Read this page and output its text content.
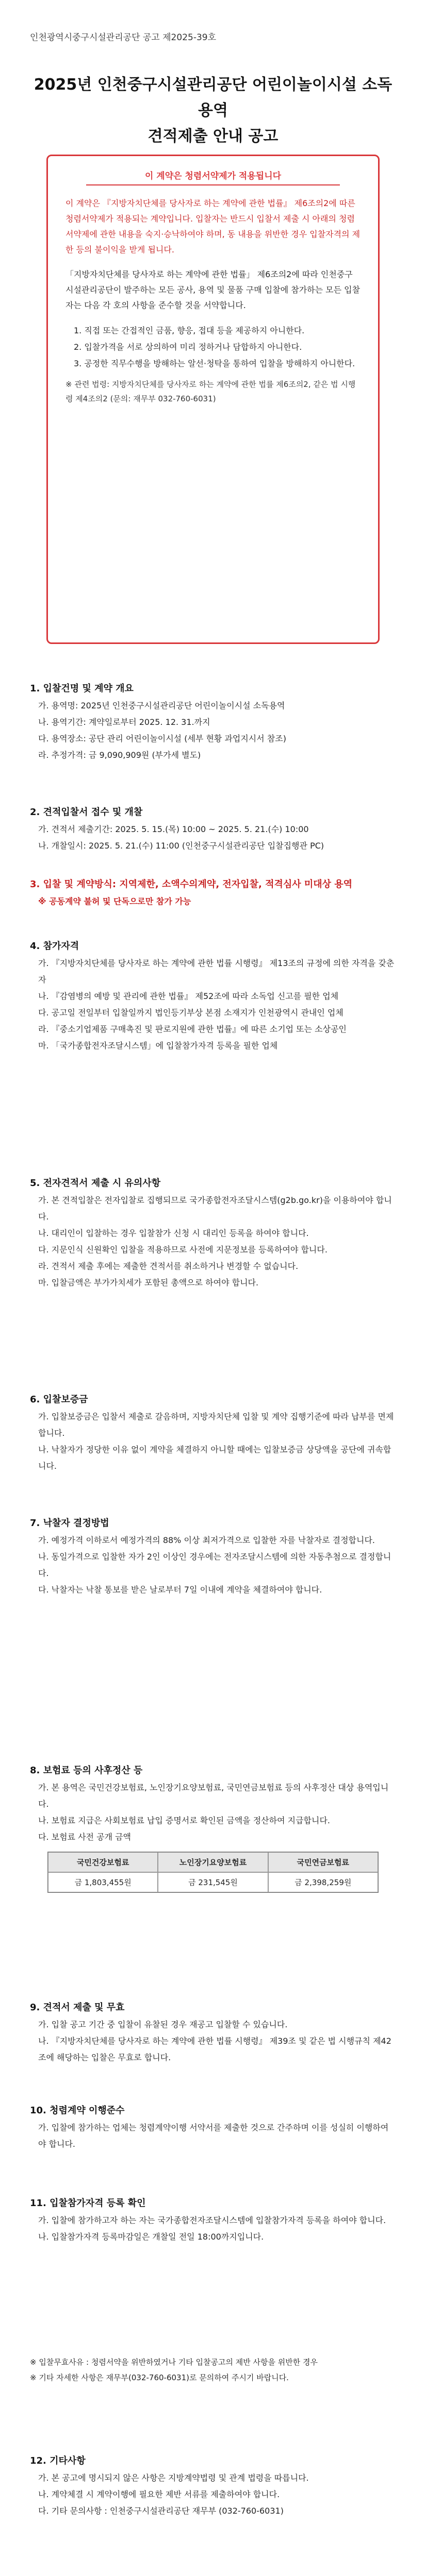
인천광역시중구시설관리공단 공고 제2025-39호
2025년 인천중구시설관리공단 어린이놀이시설 소독용역
견적제출 안내 공고
이 계약은 청렴서약제가 적용됩니다

이 계약은 『지방자치단체를 당사자로 하는 계약에 관한 법률』 제6조의2에 따른 청렴서약제가 적용되는 계약입니다. 입찰자는 반드시 입찰서 제출 시 아래의 청렴서약제에 관한 내용을 숙지·승낙하여야 하며, 동 내용을 위반한 경우 입찰자격의 제한 등의 불이익을 받게 됩니다.

「지방자치단체를 당사자로 하는 계약에 관한 법률」 제6조의2에 따라 인천중구시설관리공단이 발주하는 모든 공사, 용역 및 물품 구매 입찰에 참가하는 모든 입찰자는 다음 각 호의 사항을 준수할 것을 서약합니다.

1. 직접 또는 간접적인 금품, 향응, 접대 등을 제공하지 아니한다.
2. 입찰가격을 서로 상의하여 미리 정하거나 담합하지 아니한다.
3. 공정한 직무수행을 방해하는 알선·청탁을 통하여 입찰을 방해하지 아니한다.
※ 관련 법령: 지방자치단체를 당사자로 하는 계약에 관한 법률 제6조의2, 같은 법 시행령 제4조의2 (문의: 재무부 032-760-6031)
1. 입찰건명 및 계약 개요
가. 용역명: 2025년 인천중구시설관리공단 어린이놀이시설 소독용역
나. 용역기간: 계약일로부터 2025. 12. 31.까지
다. 용역장소: 공단 관리 어린이놀이시설 (세부 현황 과업지시서 참조)
라. 추정가격: 금 9,090,909원 (부가세 별도)
2. 견적입찰서 접수 및 개찰
가. 견적서 제출기간: 2025. 5. 15.(목) 10:00 ~ 2025. 5. 21.(수) 10:00
나. 개찰일시: 2025. 5. 21.(수) 11:00 (인천중구시설관리공단 입찰집행관 PC)
3. 입찰 및 계약방식: 지역제한, 소액수의계약, 전자입찰, 적격심사 미대상 용역
※ 공동계약 불허 및 단독으로만 참가 가능
4. 참가자격
가. 『지방자치단체를 당사자로 하는 계약에 관한 법률 시행령』 제13조의 규정에 의한 자격을 갖춘 자
나. 『감염병의 예방 및 관리에 관한 법률』 제52조에 따라 소독업 신고를 필한 업체
다. 공고일 전일부터 입찰일까지 법인등기부상 본점 소재지가 인천광역시 관내인 업체
라. 『중소기업제품 구매촉진 및 판로지원에 관한 법률』에 따른 소기업 또는 소상공인
마. 「국가종합전자조달시스템」에 입찰참가자격 등록을 필한 업체
5. 전자견적서 제출 시 유의사항
가. 본 견적입찰은 전자입찰로 집행되므로 국가종합전자조달시스템(g2b.go.kr)을 이용하여야 합니다.
나. 대리인이 입찰하는 경우 입찰참가 신청 시 대리인 등록을 하여야 합니다.
다. 지문인식 신원확인 입찰을 적용하므로 사전에 지문정보를 등록하여야 합니다.
라. 견적서 제출 후에는 제출한 견적서를 취소하거나 변경할 수 없습니다.
마. 입찰금액은 부가가치세가 포함된 총액으로 하여야 합니다.
6. 입찰보증금
가. 입찰보증금은 입찰서 제출로 갈음하며, 지방자치단체 입찰 및 계약 집행기준에 따라 납부를 면제합니다.
나. 낙찰자가 정당한 이유 없이 계약을 체결하지 아니할 때에는 입찰보증금 상당액을 공단에 귀속합니다.
7. 낙찰자 결정방법
가. 예정가격 이하로서 예정가격의 88% 이상 최저가격으로 입찰한 자를 낙찰자로 결정합니다.
나. 동일가격으로 입찰한 자가 2인 이상인 경우에는 전자조달시스템에 의한 자동추첨으로 결정합니다.
다. 낙찰자는 낙찰 통보를 받은 날로부터 7일 이내에 계약을 체결하여야 합니다.
8. 보험료 등의 사후정산 등
가. 본 용역은 국민건강보험료, 노인장기요양보험료, 국민연금보험료 등의 사후정산 대상 용역입니다.
나. 보험료 지급은 사회보험료 납입 증명서로 확인된 금액을 정산하여 지급합니다.
다. 보험료 사전 공개 금액
국민건강보험료	노인장기요양보험료	국민연금보험료
금 1,803,455원	금 231,545원	금 2,398,259원
9. 견적서 제출 및 무효
가. 입찰 공고 기간 중 입찰이 유찰된 경우 재공고 입찰할 수 있습니다.
나. 『지방자치단체를 당사자로 하는 계약에 관한 법률 시행령』 제39조 및 같은 법 시행규칙 제42조에 해당하는 입찰은 무효로 합니다.
10. 청렴계약 이행준수
가. 입찰에 참가하는 업체는 청렴계약이행 서약서를 제출한 것으로 간주하며 이를 성실히 이행하여야 합니다.
11. 입찰참가자격 등록 확인
가. 입찰에 참가하고자 하는 자는 국가종합전자조달시스템에 입찰참가자격 등록을 하여야 합니다.
나. 입찰참가자격 등록마감일은 개찰일 전일 18:00까지입니다.
※ 입찰무효사유 : 청렴서약을 위반하였거나 기타 입찰공고의 제반 사항을 위반한 경우
※ 기타 자세한 사항은 재무부(032-760-6031)로 문의하여 주시기 바랍니다.
12. 기타사항
가. 본 공고에 명시되지 않은 사항은 지방계약법령 및 관계 법령을 따릅니다.
나. 계약체결 시 계약이행에 필요한 제반 서류를 제출하여야 합니다.
다. 기타 문의사항 : 인천중구시설관리공단 재무부 (032-760-6031)
